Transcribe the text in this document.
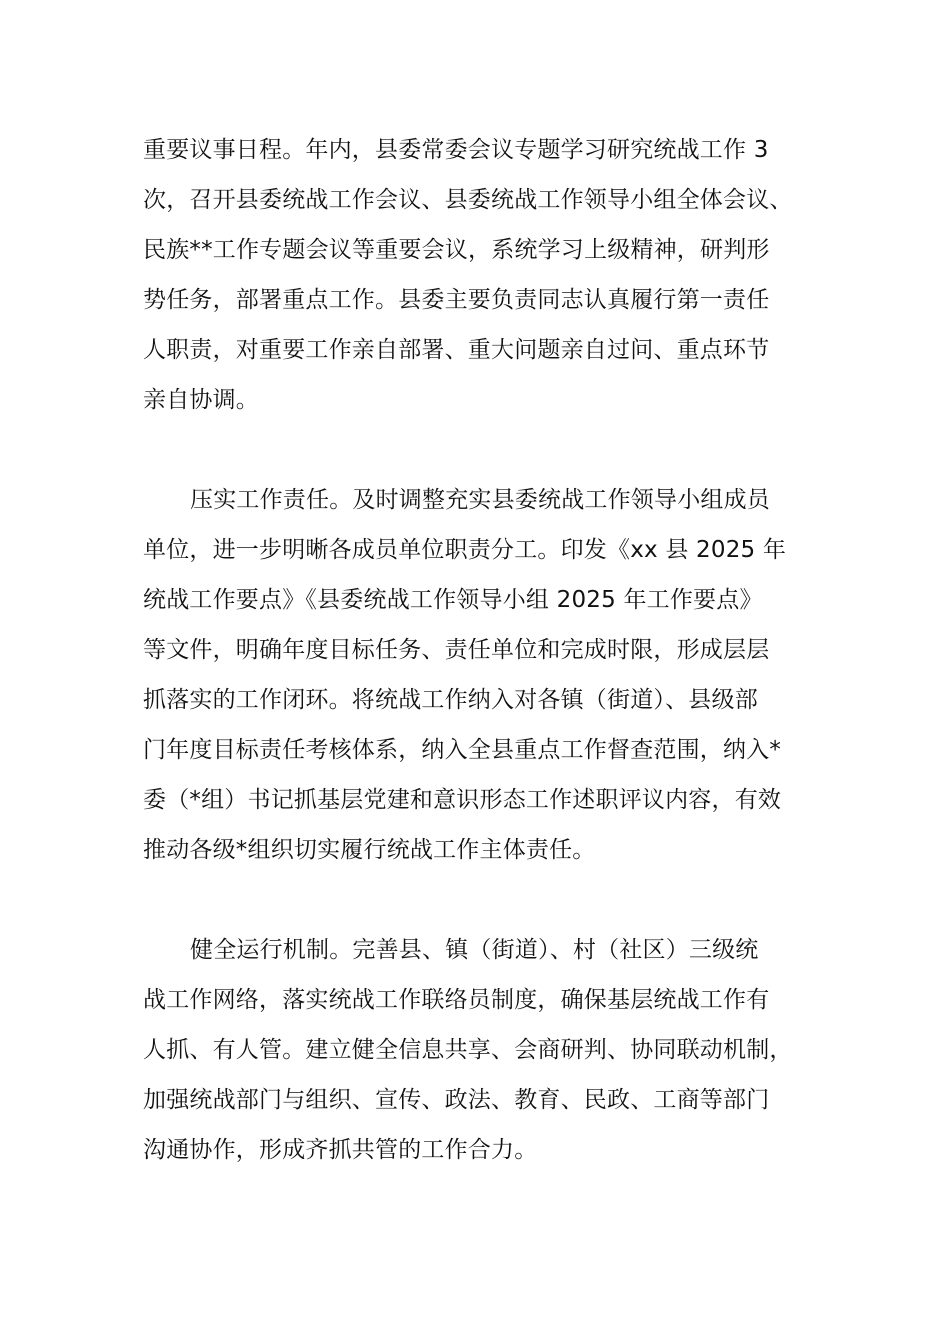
重要议事日程。年内，县委常委会议专题学习研究统战工作 3
次，召开县委统战工作会议、县委统战工作领导小组全体会议、
民族**工作专题会议等重要会议，系统学习上级精神，研判形
势任务，部署重点工作。县委主要负责同志认真履行第一责任
人职责，对重要工作亲自部署、重大问题亲自过问、重点环节
亲自协调。
压实工作责任。及时调整充实县委统战工作领导小组成员
单位，进一步明晰各成员单位职责分工。印发《xx 县 2025 年
统战工作要点》《县委统战工作领导小组 2025 年工作要点》
等文件，明确年度目标任务、责任单位和完成时限，形成层层
抓落实的工作闭环。将统战工作纳入对各镇（街道）、县级部
门年度目标责任考核体系，纳入全县重点工作督查范围，纳入*
委（*组）书记抓基层党建和意识形态工作述职评议内容，有效
推动各级*组织切实履行统战工作主体责任。
健全运行机制。完善县、镇（街道）、村（社区）三级统
战工作网络，落实统战工作联络员制度，确保基层统战工作有
人抓、有人管。建立健全信息共享、会商研判、协同联动机制，
加强统战部门与组织、宣传、政法、教育、民政、工商等部门
沟通协作，形成齐抓共管的工作合力。
